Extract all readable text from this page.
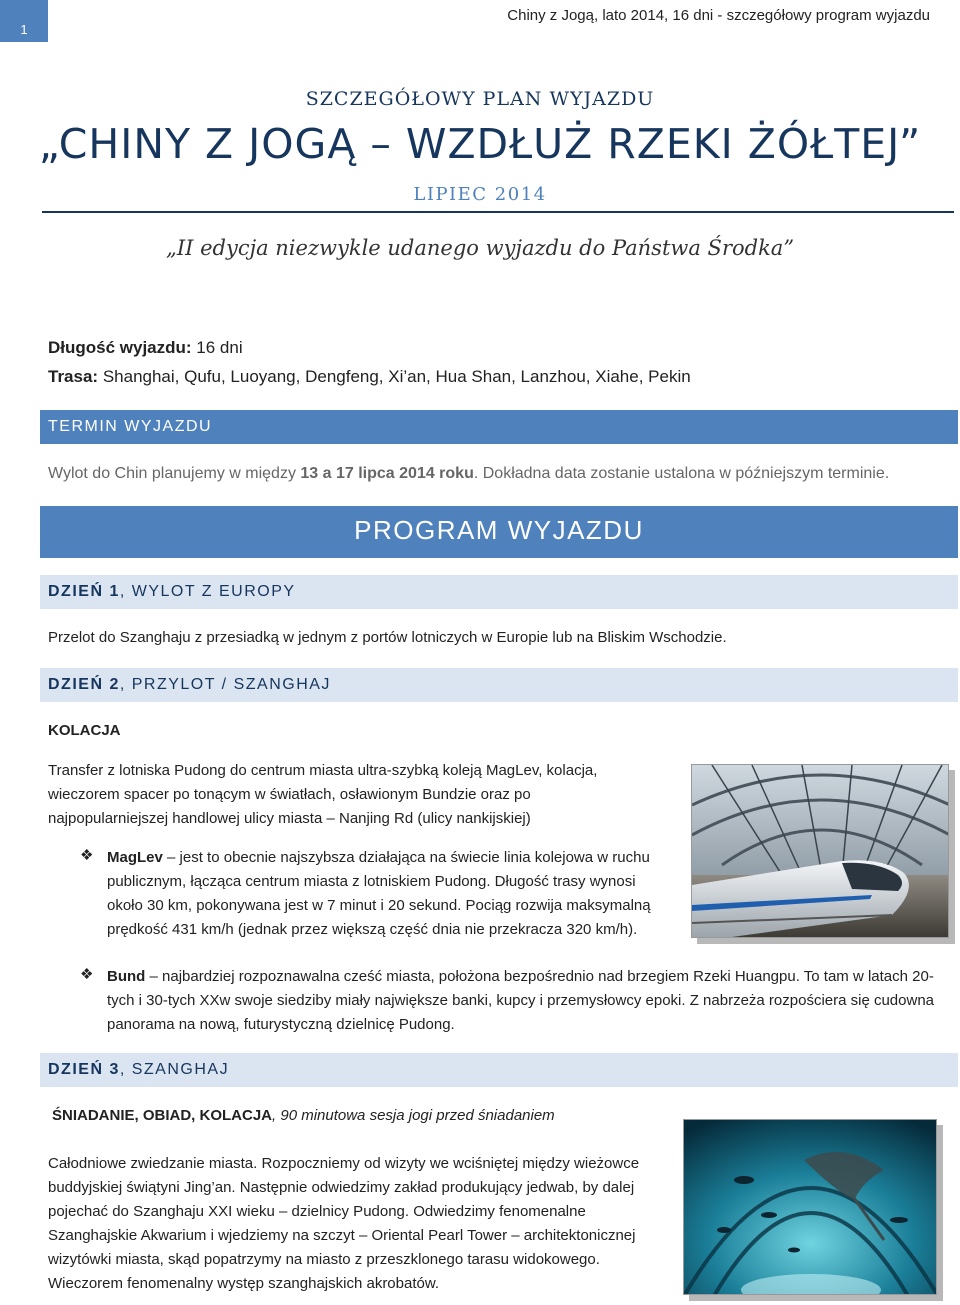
1
Chiny z Jogą, lato 2014, 16 dni - szczegółowy program wyjazdu
SZCZEGÓŁOWY PLAN WYJAZDU
„CHINY Z JOGĄ – WZDŁUŻ RZEKI ŻÓŁTEJ”
LIPIEC 2014
„II edycja niezwykle udanego wyjazdu do Państwa Środka”
Długość wyjazdu: 16 dni
Trasa: Shanghai, Qufu, Luoyang, Dengfeng, Xi’an, Hua Shan, Lanzhou, Xiahe, Pekin
TERMIN WYJAZDU
Wylot do Chin planujemy w między 13 a 17 lipca 2014 roku. Dokładna data zostanie ustalona w późniejszym terminie.
PROGRAM WYJAZDU
DZIEŃ 1 , WYLOT Z EUROPY
Przelot do Szanghaju z przesiadką w jednym z portów lotniczych w Europie lub na Bliskim Wschodzie.
DZIEŃ 2 , PRZYLOT / SZANGHAJ
KOLACJA
Transfer z lotniska Pudong do centrum miasta ultra-szybką koleją MagLev, kolacja,
wieczorem spacer po tonącym w światłach, osławionym Bundzie oraz po
najpopularniejszej handlowej ulicy miasta – Nanjing Rd (ulicy nankijskiej)
❖ MagLev – jest to obecnie najszybsza działająca na świecie linia kolejowa w ruchu
publicznym, łącząca centrum miasta z lotniskiem Pudong. Długość trasy wynosi
około 30 km, pokonywana jest w 7 minut i 20 sekund. Pociąg rozwija maksymalną
prędkość 431 km/h (jednak przez większą część dnia nie przekracza 320 km/h).
❖ Bund – najbardziej rozpoznawalna cześć miasta, położona bezpośrednio nad brzegiem Rzeki Huangpu. To tam w latach 20-
tych i 30-tych XXw swoje siedziby miały największe banki, kupcy i przemysłowcy epoki. Z nabrzeża rozpościera się cudowna
panorama na nową, futurystyczną dzielnicę Pudong.
DZIEŃ 3 , SZANGHAJ
ŚNIADANIE, OBIAD, KOLACJA, 90 minutowa sesja jogi przed śniadaniem
Całodniowe zwiedzanie miasta. Rozpoczniemy od wizyty we wciśniętej między wieżowce
buddyjskiej świątyni Jing’an. Następnie odwiedzimy zakład produkujący jedwab, by dalej
pojechać do Szanghaju XXI wieku – dzielnicy Pudong. Odwiedzimy fenomenalne
Szanghajskie Akwarium i wjedziemy na szczyt – Oriental Pearl Tower – architektonicznej
wizytówki miasta, skąd popatrzymy na miasto z przeszklonego tarasu widokowego.
Wieczorem fenomenalny występ szanghajskich akrobatów.
